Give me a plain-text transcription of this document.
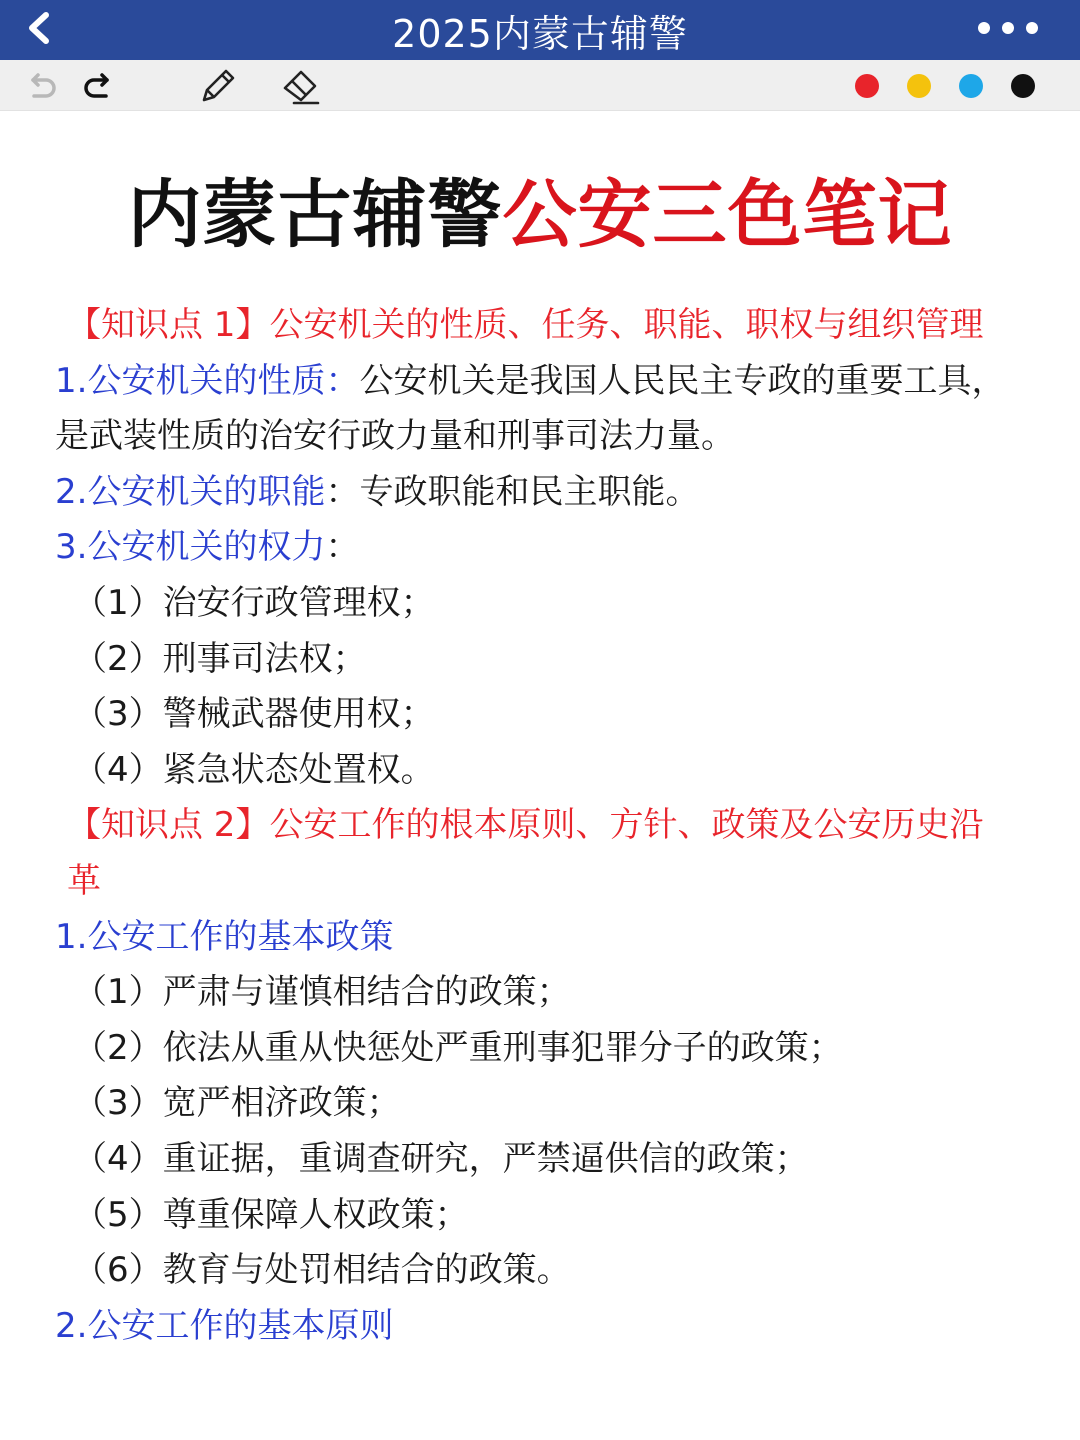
2025内蒙古辅警
内蒙古辅警公安三色笔记
【知识点 1】公安机关的性质、任务、职能、职权与组织管理
1.公安机关的性质：公安机关是我国人民民主专政的重要工具，是武装性质的治安行政力量和刑事司法力量。
2.公安机关的职能：专政职能和民主职能。
3.公安机关的权力：
（1）治安行政管理权；
（2）刑事司法权；
（3）警械武器使用权；
（4）紧急状态处置权。
【知识点 2】公安工作的根本原则、方针、政策及公安历史沿革
1.公安工作的基本政策
（1）严肃与谨慎相结合的政策；
（2）依法从重从快惩处严重刑事犯罪分子的政策；
（3）宽严相济政策；
（4）重证据，重调查研究，严禁逼供信的政策；
（5）尊重保障人权政策；
（6）教育与处罚相结合的政策。
2.公安工作的基本原则
